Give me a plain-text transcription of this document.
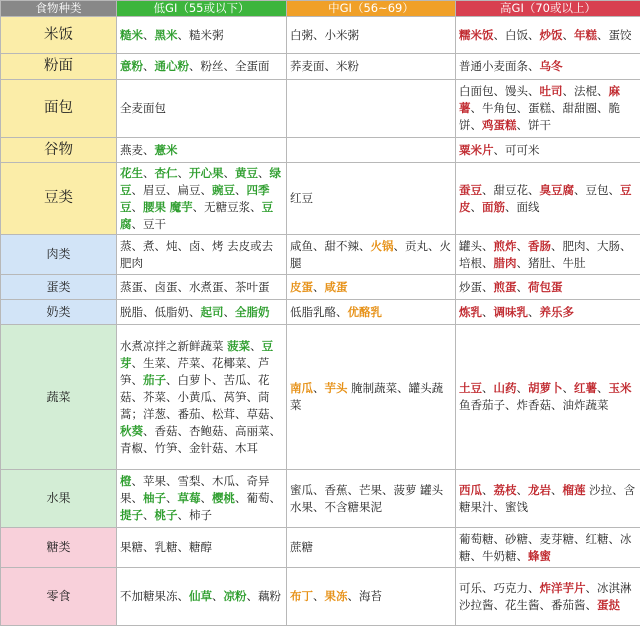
食物种类	低GI（55或以下）	中GI（56~69）	高GI（70或以上）
米饭	糙米、黑米、糙米粥	白粥、小米粥	糯米饭、白饭、炒饭、年糕、蛋饺
粉面	意粉、通心粉、粉丝、全蛋面	荞麦面、米粉	普通小麦面条、乌冬
面包	全麦面包		白面包、馒头、吐司、法棍、麻薯、牛角包、蛋糕、甜甜圈、脆饼、鸡蛋糕、饼干
谷物	燕麦、薏米		粟米片、可可米
豆类	花生、杏仁、开心果、黄豆、绿豆、眉豆、扁豆、豌豆、四季豆、腰果 魔芋、无糖豆浆、豆腐、豆干	红豆	蚕豆、甜豆花、臭豆腐、豆包、豆皮、面筋、面线
肉类	蒸、煮、炖、卤、烤 去皮或去肥肉	咸鱼、甜不辣、火锅、贡丸、火腿	罐头、煎炸、香肠、肥肉、大肠、培根、腊肉、猪肚、牛肚
蛋类	蒸蛋、卤蛋、水煮蛋、茶叶蛋	皮蛋、咸蛋	炒蛋、煎蛋、荷包蛋
奶类	脱脂、低脂奶、起司、全脂奶	低脂乳酪、优酪乳	炼乳、调味乳、养乐多
蔬菜	水煮凉拌之新鲜蔬菜 菠菜、豆芽、生菜、芹菜、花椰菜、芦笋、茄子、白萝卜、苦瓜、花菇、芥菜、小黄瓜、莴笋、茼蒿；洋葱、番茄、松茸、草菇、秋葵、香菇、杏鲍菇、高丽菜、青椒、竹笋、金针菇、木耳	南瓜、芋头 腌制蔬菜、罐头蔬菜	土豆、山药、胡萝卜、红薯、玉米 鱼香茄子、炸香菇、油炸蔬菜
水果	橙、苹果、雪梨、木瓜、奇异果、柚子、草莓、樱桃、葡萄、提子、桃子、柿子	蜜瓜、香蕉、芒果、菠萝 罐头水果、不含糖果泥	西瓜、荔枝、龙岩、榴莲 沙拉、含糖果汁、蜜饯
糖类	果糖、乳糖、糖醇	蔗糖	葡萄糖、砂糖、麦芽糖、红糖、冰糖、牛奶糖、蜂蜜
零食	不加糖果冻、仙草、凉粉、藕粉	布丁、果冻、海苔	可乐、巧克力、炸洋芋片、冰淇淋 沙拉酱、花生酱、番茄酱、蛋挞
